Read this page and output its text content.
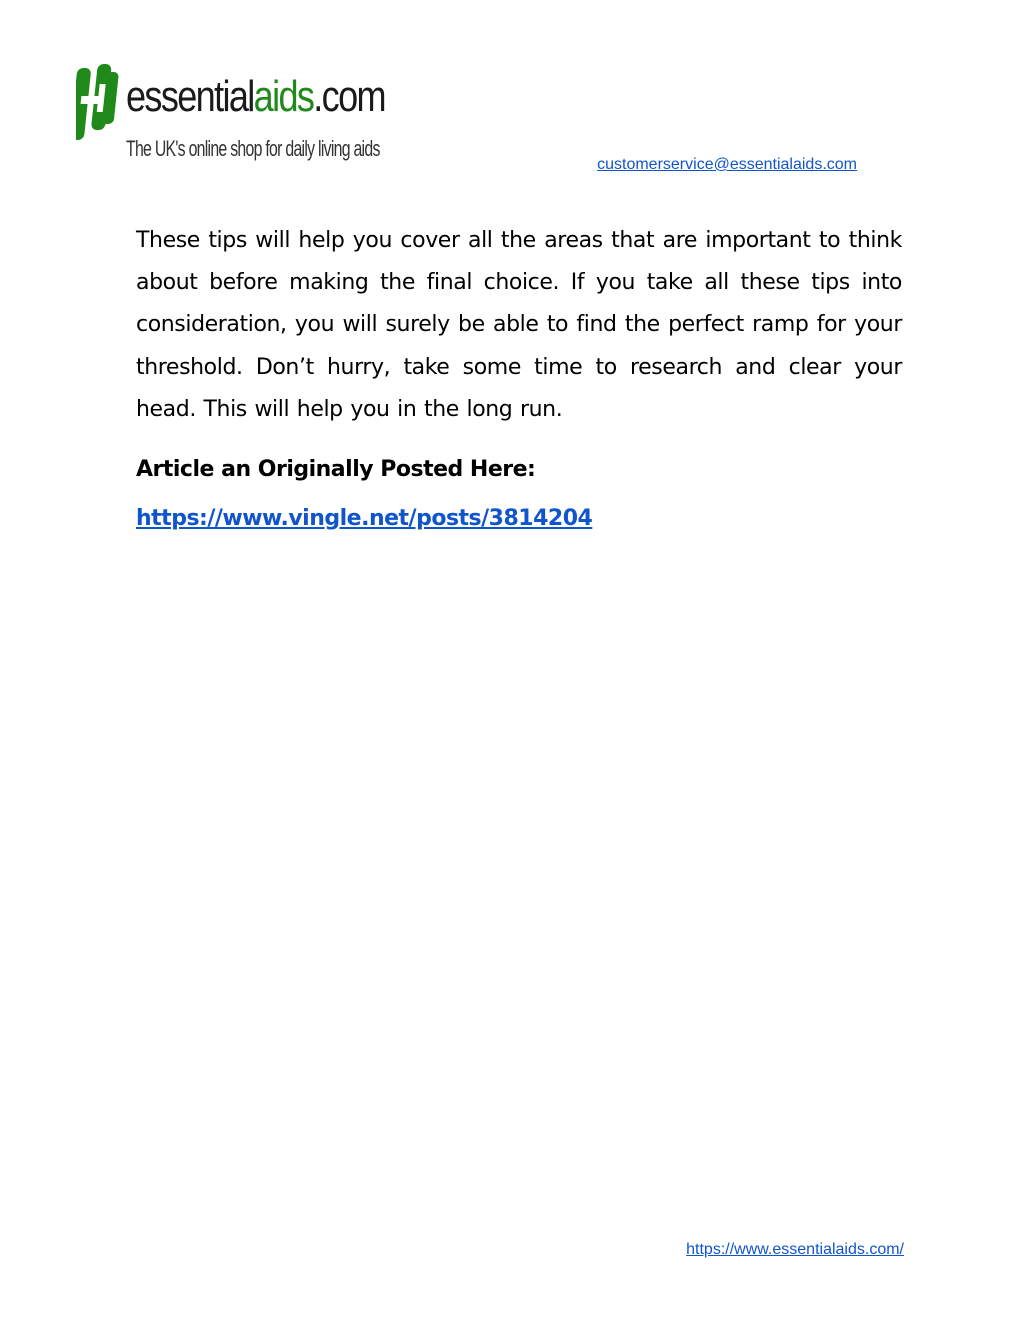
essentialaids.com
The UK's online shop for daily living aids
customerservice@essentialaids.com

These tips will help you cover all the areas that are important to think about before making the final choice. If you take all these tips into consideration, you will surely be able to find the perfect ramp for your threshold. Don’t hurry, take some time to research and clear your head. This will help you in the long run.

Article an Originally Posted Here:

https://www.vingle.net/posts/3814204
https://www.essentialaids.com/
